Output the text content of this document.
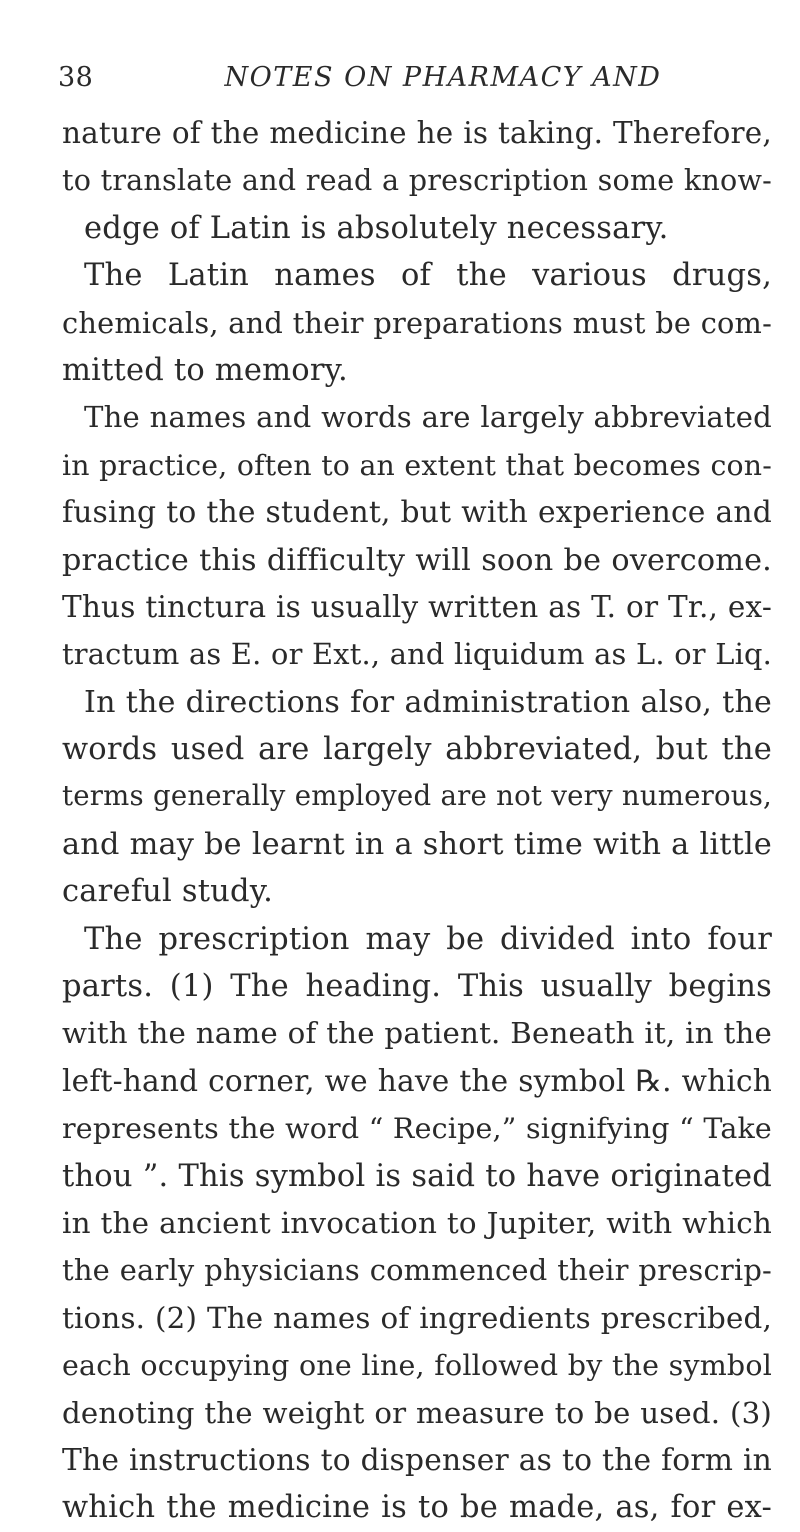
38	NOTES ON PHARMACY AND
nature of the medicine he is taking. Therefore,
to translate and read a prescription some know-
edge of Latin is absolutely necessary.
The Latin names of the various drugs,
chemicals, and their preparations must be com-
mitted to memory.
The names and words are largely abbreviated
in practice, often to an extent that becomes con-
fusing to the student, but with experience and
practice this difficulty will soon be overcome.
Thus tinctura is usually written as T. or Tr., ex-
tractum as E. or Ext., and liquidum as L. or Liq.
In the directions for administration also, the
words used are largely abbreviated, but the
terms generally employed are not very numerous,
and may be learnt in a short time with a little
careful study.
The prescription may be divided into four
parts. (1) The heading. This usually begins
with the name of the patient. Beneath it, in the
left-hand corner, we have the symbol ℞. which
represents the word “ Recipe,” signifying “ Take
thou ”. This symbol is said to have originated
in the ancient invocation to Jupiter, with which
the early physicians commenced their prescrip-
tions. (2) The names of ingredients prescribed,
each occupying one line, followed by the symbol
denoting the weight or measure to be used. (3)
The instructions to dispenser as to the form in
which the medicine is to be made, as, for ex-
